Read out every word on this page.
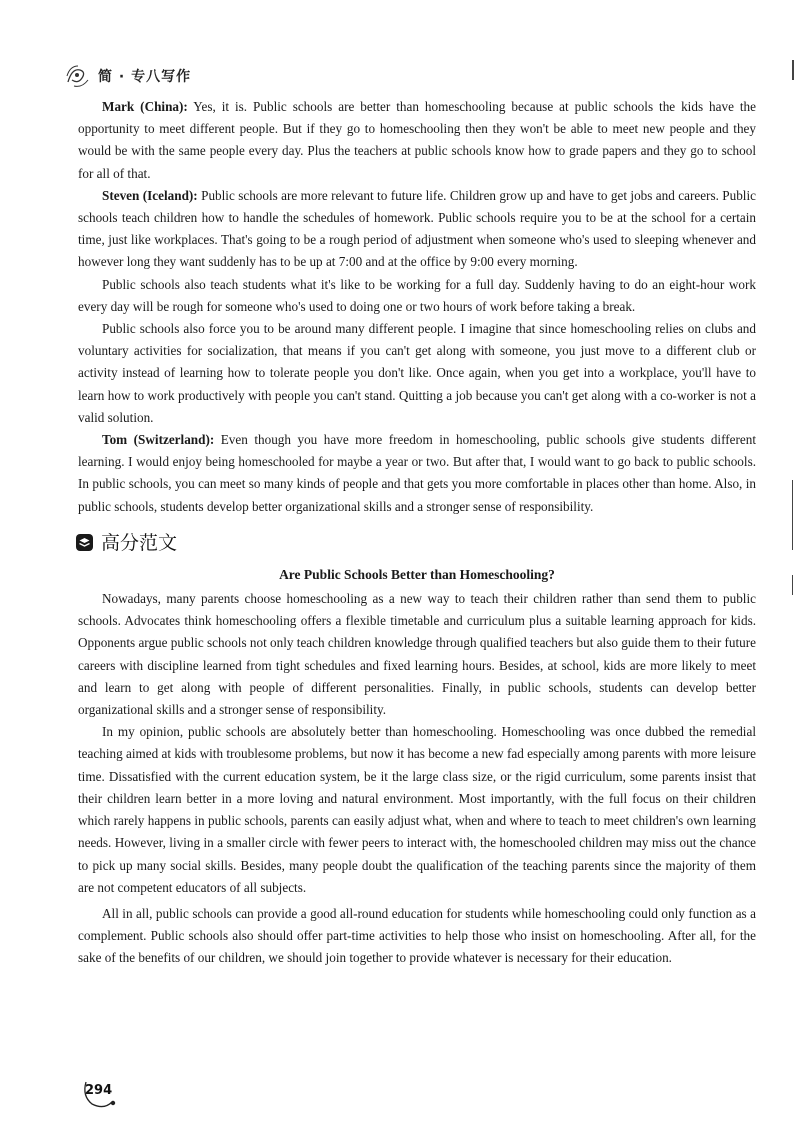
简 · 专八写作

Mark (China): Yes, it is. Public schools are better than homeschooling because at public schools the kids have the opportunity to meet different people. But if they go to homeschooling then they won't be able to meet new people and they would be with the same people every day. Plus the teachers at public schools know how to grade papers and they go to school for all of that.

Steven (Iceland): Public schools are more relevant to future life. Children grow up and have to get jobs and careers. Public schools teach children how to handle the schedules of homework. Public schools require you to be at the school for a certain time, just like workplaces. That's going to be a rough period of adjustment when someone who's used to sleeping whenever and however long they want suddenly has to be up at 7:00 and at the office by 9:00 every morning.

Public schools also teach students what it's like to be working for a full day. Suddenly having to do an eight-hour work every day will be rough for someone who's used to doing one or two hours of work before taking a break.

Public schools also force you to be around many different people. I imagine that since homeschooling relies on clubs and voluntary activities for socialization, that means if you can't get along with someone, you just move to a different club or activity instead of learning how to tolerate people you don't like. Once again, when you get into a workplace, you'll have to learn how to work productively with people you can't stand. Quitting a job because you can't get along with a co-worker is not a valid solution.

Tom (Switzerland): Even though you have more freedom in homeschooling, public schools give students different learning. I would enjoy being homeschooled for maybe a year or two. But after that, I would want to go back to public schools. In public schools, you can meet so many kinds of people and that gets you more comfortable in places other than home. Also, in public schools, students develop better organizational skills and a stronger sense of responsibility.

高分范文

Are Public Schools Better than Homeschooling?

Nowadays, many parents choose homeschooling as a new way to teach their children rather than send them to public schools. Advocates think homeschooling offers a flexible timetable and curriculum plus a suitable learning approach for kids. Opponents argue public schools not only teach children knowledge through qualified teachers but also guide them to their future careers with discipline learned from tight schedules and fixed learning hours. Besides, at school, kids are more likely to meet and learn to get along with people of different personalities. Finally, in public schools, students can develop better organizational skills and a stronger sense of responsibility.

In my opinion, public schools are absolutely better than homeschooling. Homeschooling was once dubbed the remedial teaching aimed at kids with troublesome problems, but now it has become a new fad especially among parents with more leisure time. Dissatisfied with the current education system, be it the large class size, or the rigid curriculum, some parents insist that their children learn better in a more loving and natural environment. Most importantly, with the full focus on their children which rarely happens in public schools, parents can easily adjust what, when and where to teach to meet children's own learning needs. However, living in a smaller circle with fewer peers to interact with, the homeschooled children may miss out the chance to pick up many social skills. Besides, many people doubt the qualification of the teaching parents since the majority of them are not competent educators of all subjects.

All in all, public schools can provide a good all-round education for students while homeschooling could only function as a complement. Public schools also should offer part-time activities to help those who insist on homeschooling. After all, for the sake of the benefits of our children, we should join together to provide whatever is necessary for their education.

294
